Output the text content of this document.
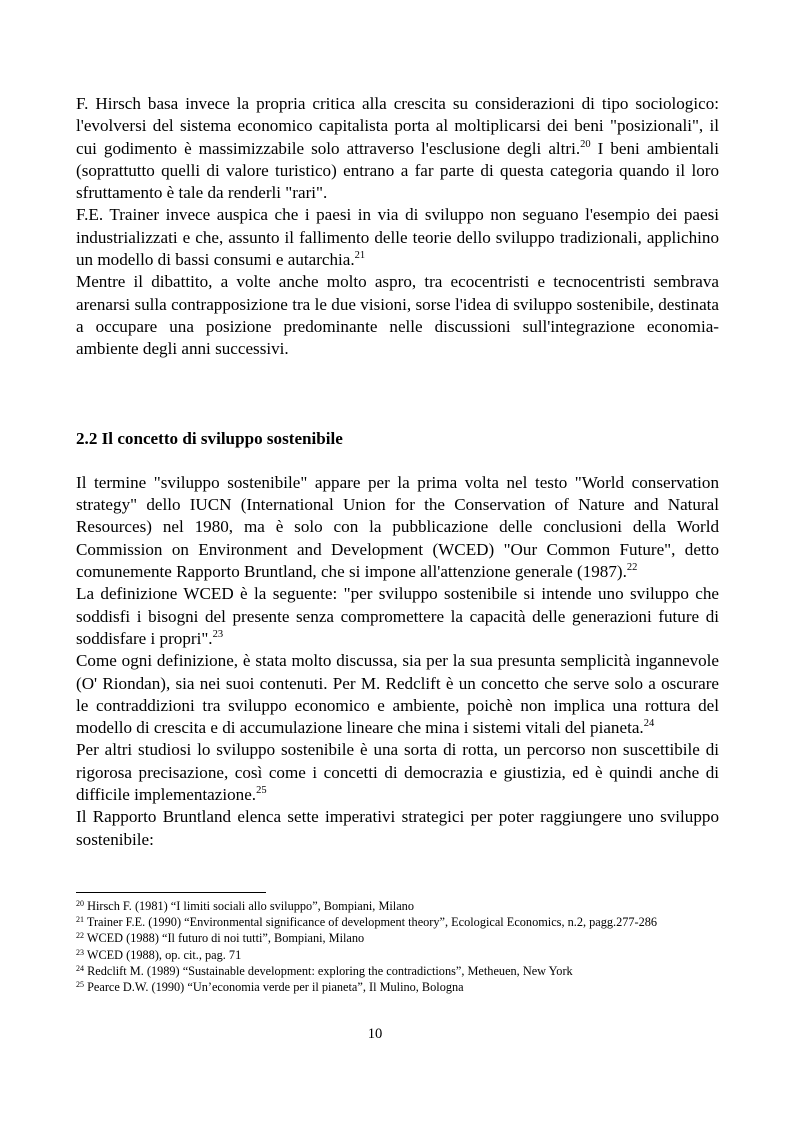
F. Hirsch basa invece la propria critica alla crescita su considerazioni di tipo sociologico: l'evolversi del sistema economico capitalista porta al moltiplicarsi dei beni "posizionali", il cui godimento è massimizzabile solo attraverso l'esclusione degli altri.$^{20}$ I beni ambientali (soprattutto quelli di valore turistico) entrano a far parte di questa categoria quando il loro sfruttamento è tale da renderli "rari".

F.E. Trainer invece auspica che i paesi in via di sviluppo non seguano l'esempio dei paesi industrializzati e che, assunto il fallimento delle teorie dello sviluppo tradizionali, applichino un modello di bassi consumi e autarchia.$^{21}$

Mentre il dibattito, a volte anche molto aspro, tra ecocentristi e tecnocentristi sembrava arenarsi sulla contrapposizione tra le due visioni, sorse l'idea di sviluppo sostenibile, destinata a occupare una posizione predominante nelle discussioni sull'integrazione economia-ambiente degli anni successivi.

2.2 Il concetto di sviluppo sostenibile

Il termine "sviluppo sostenibile" appare per la prima volta nel testo "World conservation strategy" dello IUCN (International Union for the Conservation of Nature and Natural Resources) nel 1980, ma è solo con la pubblicazione delle conclusioni della World Commission on Environment and Development (WCED) "Our Common Future", detto comunemente Rapporto Bruntland, che si impone all'attenzione generale (1987).$^{22}$

La definizione WCED è la seguente: "per sviluppo sostenibile si intende uno sviluppo che soddisfi i bisogni del presente senza compromettere la capacità delle generazioni future di soddisfare i propri".$^{23}$

Come ogni definizione, è stata molto discussa, sia per la sua presunta semplicità ingannevole (O' Riondan), sia nei suoi contenuti. Per M. Redclift è un concetto che serve solo a oscurare le contraddizioni tra sviluppo economico e ambiente, poichè non implica una rottura del modello di crescita e di accumulazione lineare che mina i sistemi vitali del pianeta.$^{24}$

Per altri studiosi lo sviluppo sostenibile è una sorta di rotta, un percorso non suscettibile di rigorosa precisazione, così come i concetti di democrazia e giustizia, ed è quindi anche di difficile implementazione.$^{25}$

Il Rapporto Bruntland elenca sette imperativi strategici per poter raggiungere uno sviluppo sostenibile:

$^{20}$ Hirsch F. (1981) “I limiti sociali allo sviluppo”, Bompiani, Milano

$^{21}$ Trainer F.E. (1990) “Environmental significance of development theory”, Ecological Economics, n.2, pagg.277-286

$^{22}$ WCED (1988) “Il futuro di noi tutti”, Bompiani, Milano

$^{23}$ WCED (1988), op. cit., pag. 71

$^{24}$ Redclift M. (1989) “Sustainable development: exploring the contradictions”, Metheuen, New York

$^{25}$ Pearce D.W. (1990) “Un’economia verde per il pianeta”, Il Mulino, Bologna

10
